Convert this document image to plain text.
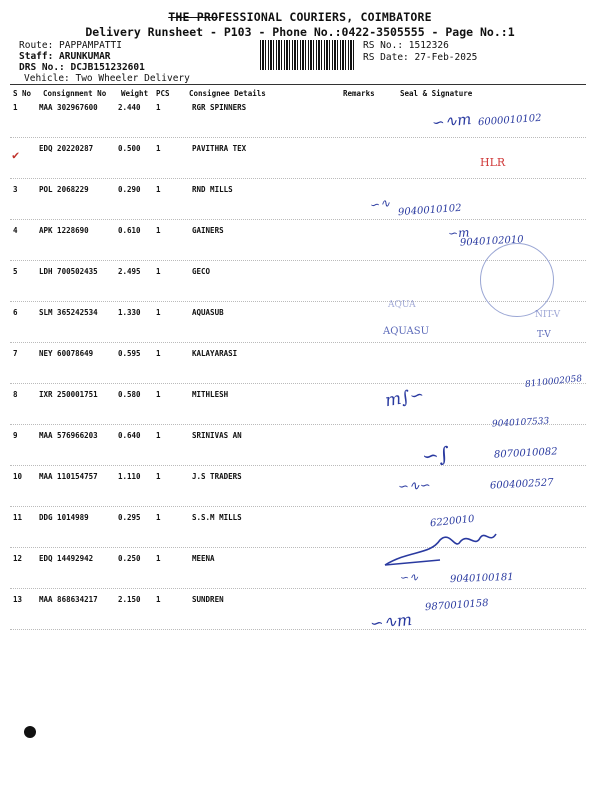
THE PROFESSIONAL COURIERS, COIMBATORE
Delivery Runsheet - P103 - Phone No.:0422-3505555 - Page No.:1
Route: PAPPAMPATTI
Staff: ARUNKUMAR
DRS No.: DCJB151232601
Vehicle: Two Wheeler Delivery
RS No.: 1512326
RS Date: 27-Feb-2025
S No Consignment No Weight PCS	Consignee Details	Remarks	Seal & Signature
1	MAA 302967600	2.440 1	RGR SPINNERS
EDQ 20220287	0.500 1	PAVITHRA TEX
3	POL 2068229	0.290 1	RND MILLS
4	APK 1228690	0.610 1	GAINERS
5	LDH 700502435	2.495 1	GECO
6	SLM 365242534	1.330 1	AQUASUB
7	NEY 60078649	0.595 1	KALAYARASI
8	IXR 250001751	0.580 1	MITHLESH
9	MAA 576966203	0.640 1	SRINIVAS AN
10 MAA 110154757	1.110 1	J.S TRADERS
11 DDG 1014989	0.295 1	S.S.M MILLS
12 EDQ 14492942	0.250 1	MEENA
13 MAA 868634217	2.150 1	SUNDREN
✔
∽∿m 6000010102
HLR
∽∿ 9040010102
∽m
9040102010
AQUA
NIT-V
AQUASU	T-V
m∫∽
8110002058
9040107533
∽∫	8070010082
∽∿∽	6004002527
6220010
∽∿	9040100181
9870010158
∽∿m
